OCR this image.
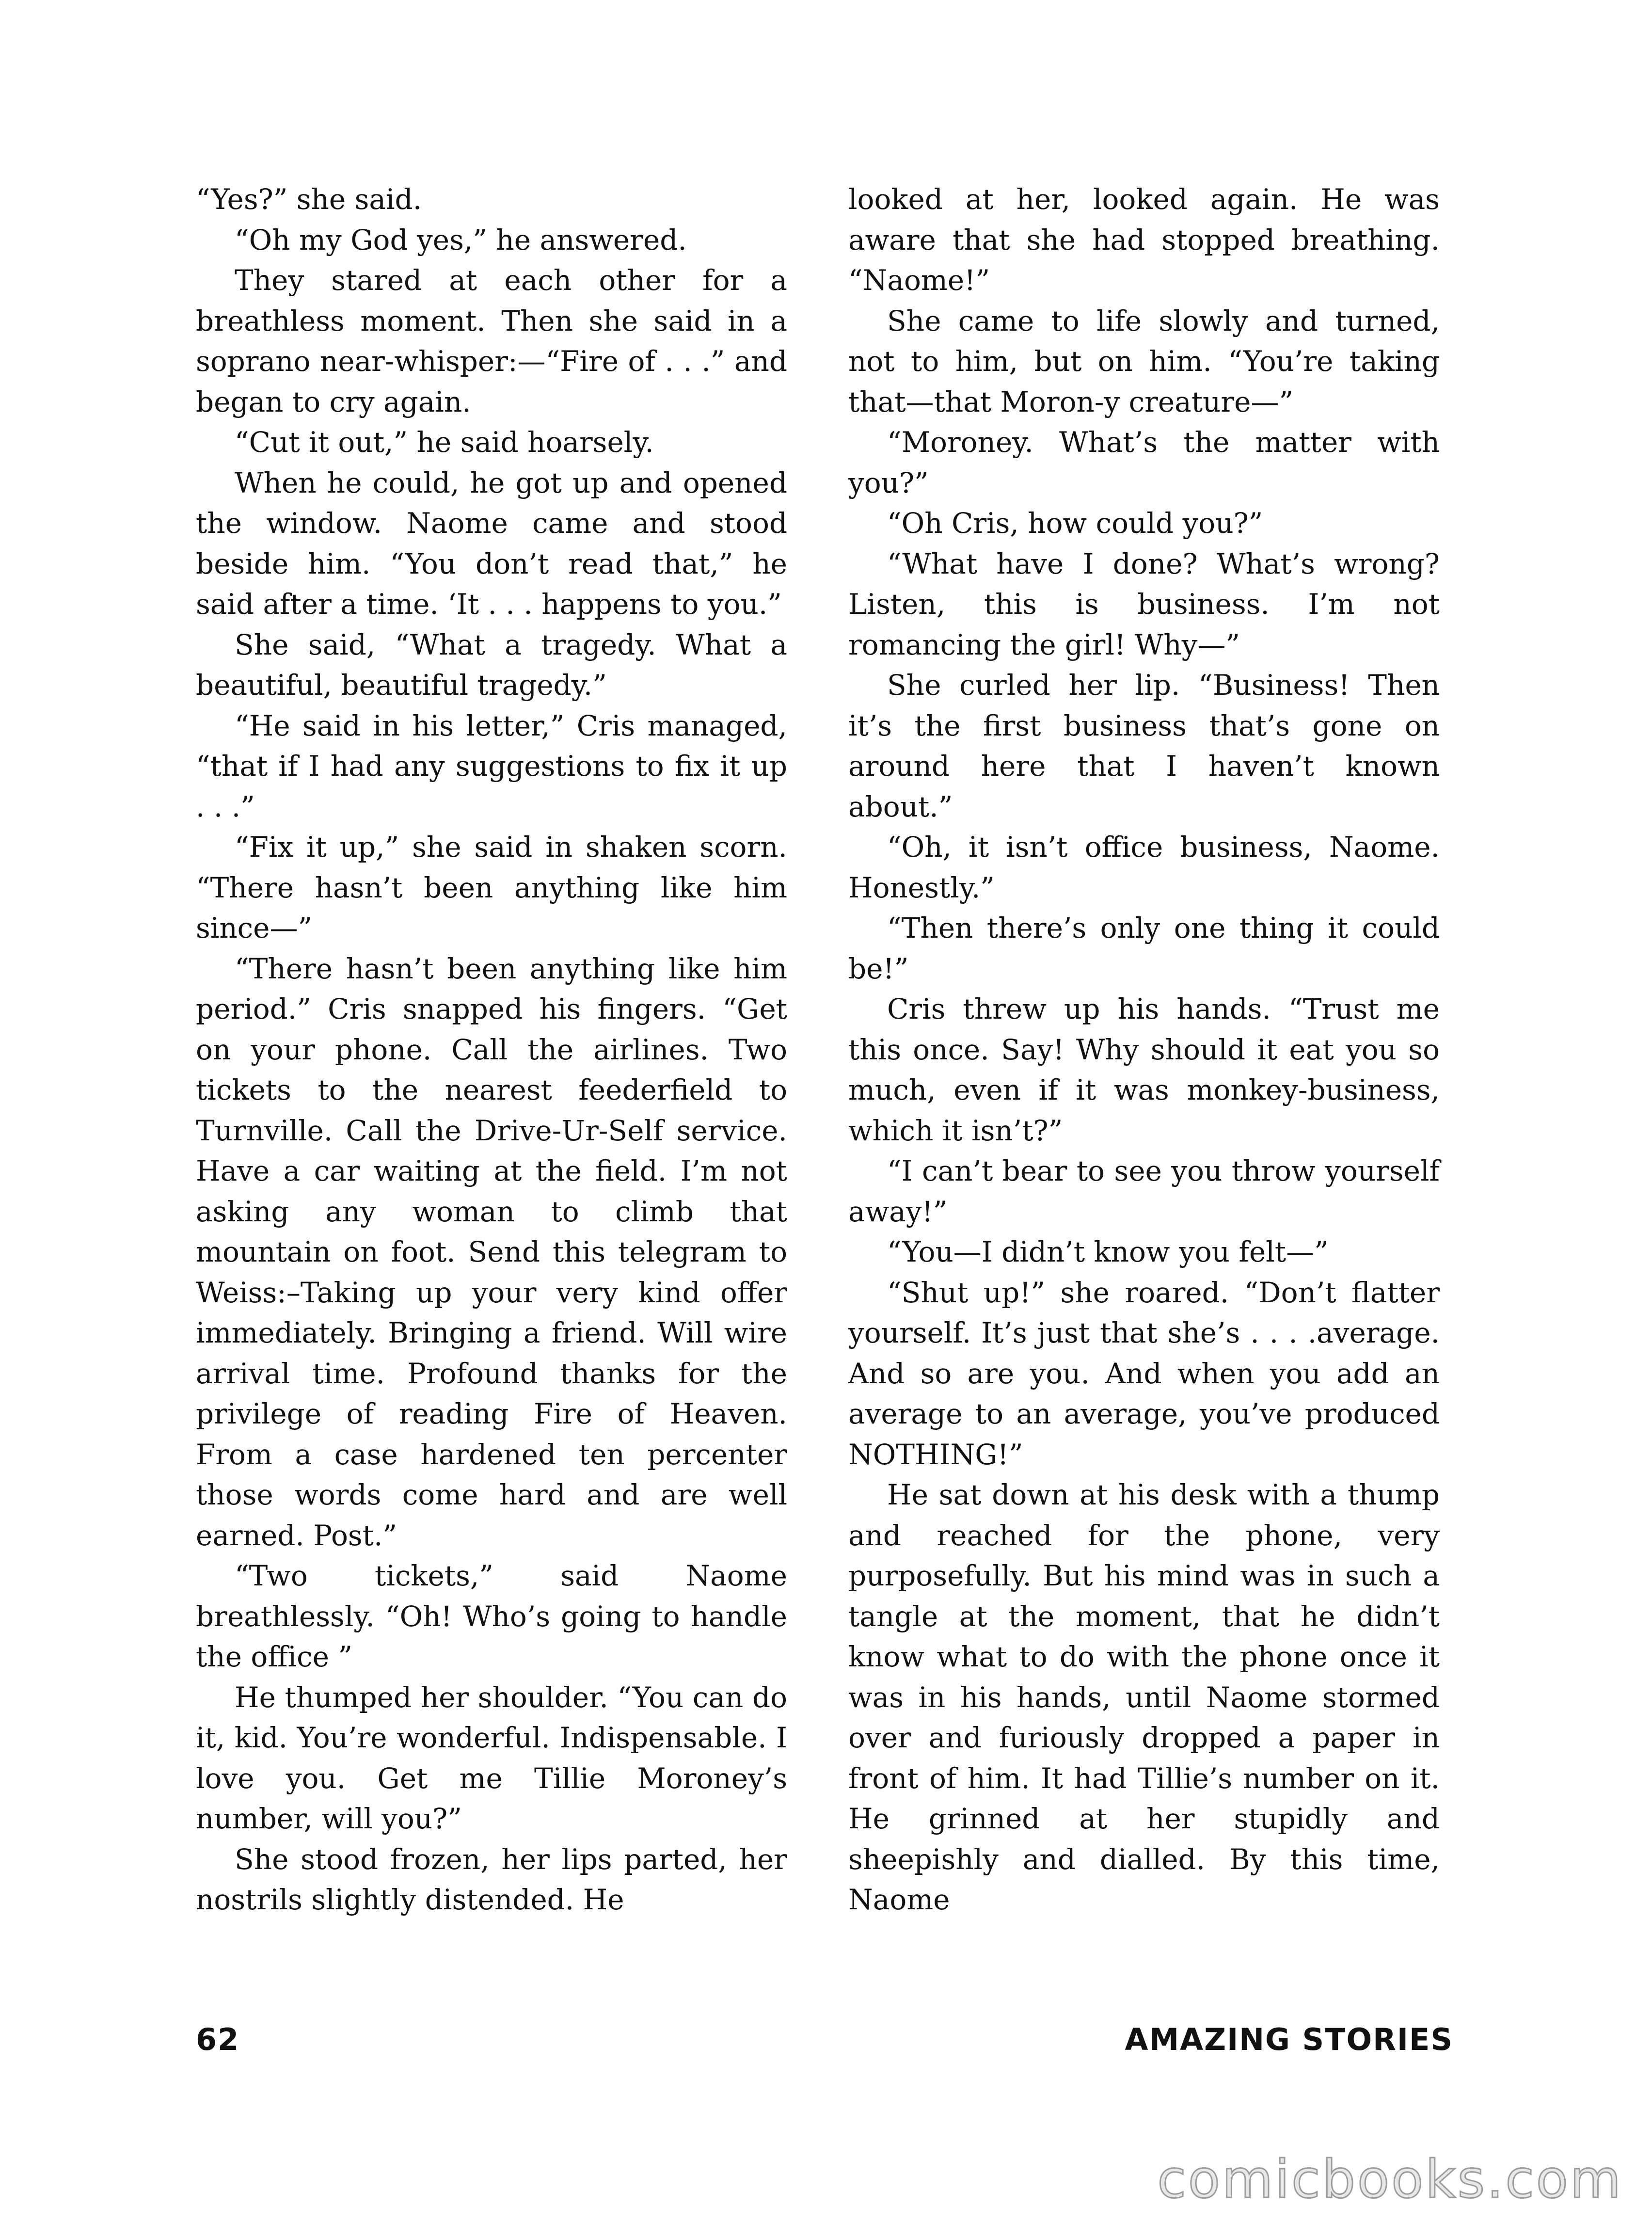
“Yes?” she said.

“Oh my God yes,” he answered.

They stared at each other for a breathless moment. Then she said in a soprano near-whisper:—“Fire of . . .” and began to cry again.

“Cut it out,” he said hoarsely.

When he could, he got up and opened the window. Naome came and stood beside him. “You don’t read that,” he said after a time. ‘It . . . happens to you.”

She said, “What a tragedy. What a beautiful, beautiful tragedy.”

“He said in his letter,” Cris managed, “that if I had any suggestions to fix it up . . .”

“Fix it up,” she said in shaken scorn. “There hasn’t been anything like him since—”

“There hasn’t been anything like him period.” Cris snapped his fingers. “Get on your phone. Call the airlines. Two tickets to the nearest feederfield to Turnville. Call the Drive-Ur-Self service. Have a car waiting at the field. I’m not asking any woman to climb that mountain on foot. Send this telegram to Weiss:–Taking up your very kind offer immediately. Bringing a friend. Will wire arrival time. Profound thanks for the privilege of reading Fire of Heaven. From a case hardened ten percenter those words come hard and are well earned. Post.”

“Two tickets,” said Naome breathlessly. “Oh! Who’s going to handle the office ”

He thumped her shoulder. “You can do it, kid. You’re wonderful. Indispensable. I love you. Get me Tillie Moroney’s number, will you?”

She stood frozen, her lips parted, her nostrils slightly distended. He

looked at her, looked again. He was aware that she had stopped breathing. “Naome!”

She came to life slowly and turned, not to him, but on him. “You’re taking that—that Moron-y creature—”

“Moroney. What’s the matter with you?”

“Oh Cris, how could you?”

“What have I done? What’s wrong? Listen, this is business. I’m not romancing the girl! Why—”

She curled her lip. “Business! Then it’s the first business that’s gone on around here that I haven’t known about.”

“Oh, it isn’t office business, Naome. Honestly.”

“Then there’s only one thing it could be!”

Cris threw up his hands. “Trust me this once. Say! Why should it eat you so much, even if it was monkey-business, which it isn’t?”

“I can’t bear to see you throw yourself away!”

“You—I didn’t know you felt—”

“Shut up!” she roared. “Don’t flatter yourself. It’s just that she’s . . . .average. And so are you. And when you add an average to an average, you’ve produced NOTHING!”

He sat down at his desk with a thump and reached for the phone, very purposefully. But his mind was in such a tangle at the moment, that he didn’t know what to do with the phone once it was in his hands, until Naome stormed over and furiously dropped a paper in front of him. It had Tillie’s number on it. He grinned at her stupidly and sheepishly and dialled. By this time, Naome

62	AMAZING STORIES
comicbooks.com
